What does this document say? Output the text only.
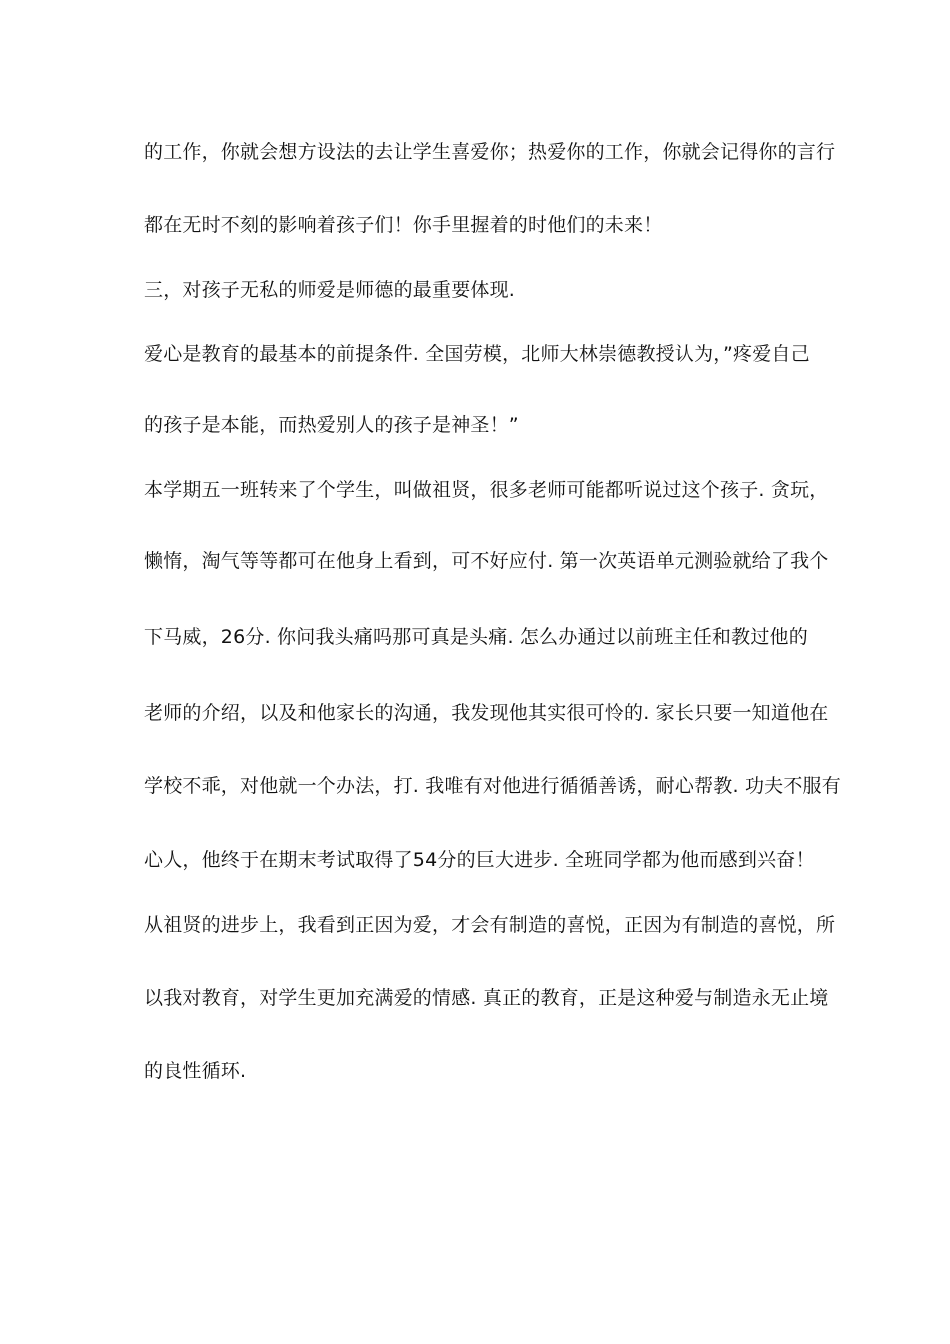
的工作，你就会想方设法的去让学生喜爱你；热爱你的工作，你就会记得你的言行
都在无时不刻的影响着孩子们！你手里握着的时他们的未来！
三，对孩子无私的师爱是师德的最重要体现.
爱心是教育的最基本的前提条件. 全国劳模，北师大林崇德教授认为，”疼爱自己
的孩子是本能，而热爱别人的孩子是神圣！”
本学期五一班转来了个学生，叫做祖贤，很多老师可能都听说过这个孩子. 贪玩，
懒惰，淘气等等都可在他身上看到，可不好应付. 第一次英语单元测验就给了我个
下马威，26分. 你问我头痛吗那可真是头痛. 怎么办通过以前班主任和教过他的
老师的介绍，以及和他家长的沟通，我发现他其实很可怜的. 家长只要一知道他在
学校不乖，对他就一个办法，打. 我唯有对他进行循循善诱，耐心帮教. 功夫不服有
心人，他终于在期末考试取得了54分的巨大进步. 全班同学都为他而感到兴奋！
从祖贤的进步上，我看到正因为爱，才会有制造的喜悦，正因为有制造的喜悦，所
以我对教育，对学生更加充满爱的情感. 真正的教育，正是这种爱与制造永无止境
的良性循环.
